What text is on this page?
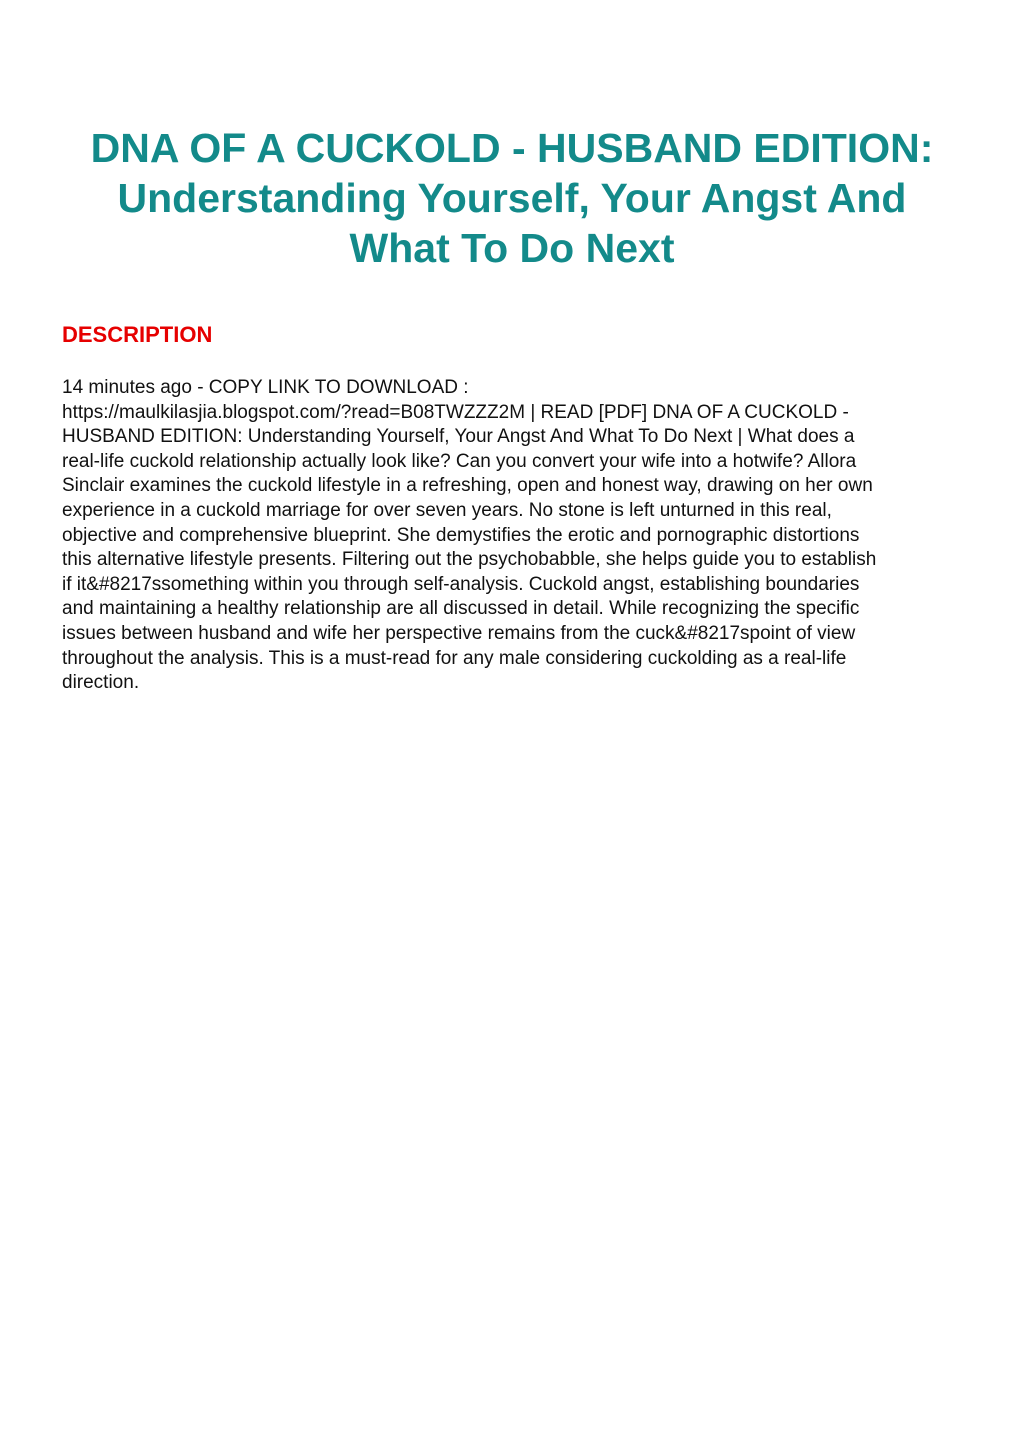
DNA OF A CUCKOLD - HUSBAND EDITION:
Understanding Yourself, Your Angst And
What To Do Next
DESCRIPTION
14 minutes ago - COPY LINK TO DOWNLOAD :
https://maulkilasjia.blogspot.com/?read=B08TWZZZ2M | READ [PDF] DNA OF A CUCKOLD -
HUSBAND EDITION: Understanding Yourself, Your Angst And What To Do Next | What does a
real-life cuckold relationship actually look like? Can you convert your wife into a hotwife? Allora
Sinclair examines the cuckold lifestyle in a refreshing, open and honest way, drawing on her own
experience in a cuckold marriage for over seven years. No stone is left unturned in this real,
objective and comprehensive blueprint. She demystifies the erotic and pornographic distortions
this alternative lifestyle presents. Filtering out the psychobabble, she helps guide you to establish
if it&#8217ssomething within you through self-analysis. Cuckold angst, establishing boundaries
and maintaining a healthy relationship are all discussed in detail. While recognizing the specific
issues between husband and wife her perspective remains from the cuck&#8217spoint of view
throughout the analysis. This is a must-read for any male considering cuckolding as a real-life
direction.
